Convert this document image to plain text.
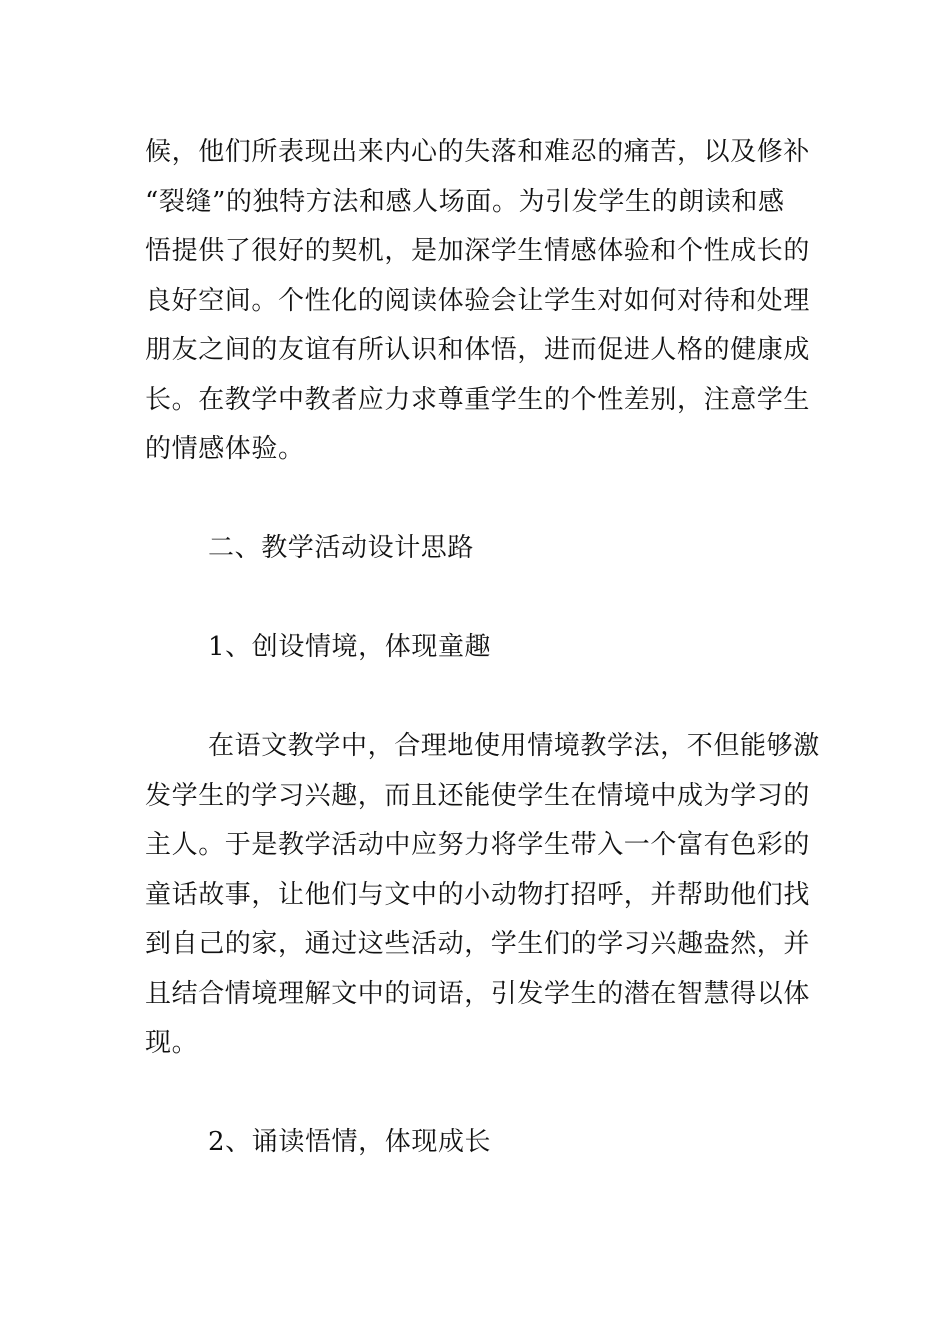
候，他们所表现出来内心的失落和难忍的痛苦，以及修补
“裂缝”的独特方法和感人场面。为引发学生的朗读和感
悟提供了很好的契机，是加深学生情感体验和个性成长的
良好空间。个性化的阅读体验会让学生对如何对待和处理
朋友之间的友谊有所认识和体悟，进而促进人格的健康成
长。在教学中教者应力求尊重学生的个性差别，注意学生
的情感体验。
二、教学活动设计思路
1、创设情境，体现童趣
在语文教学中，合理地使用情境教学法，不但能够激
发学生的学习兴趣，而且还能使学生在情境中成为学习的
主人。于是教学活动中应努力将学生带入一个富有色彩的
童话故事，让他们与文中的小动物打招呼，并帮助他们找
到自己的家，通过这些活动，学生们的学习兴趣盎然，并
且结合情境理解文中的词语，引发学生的潜在智慧得以体
现。
2、诵读悟情，体现成长
